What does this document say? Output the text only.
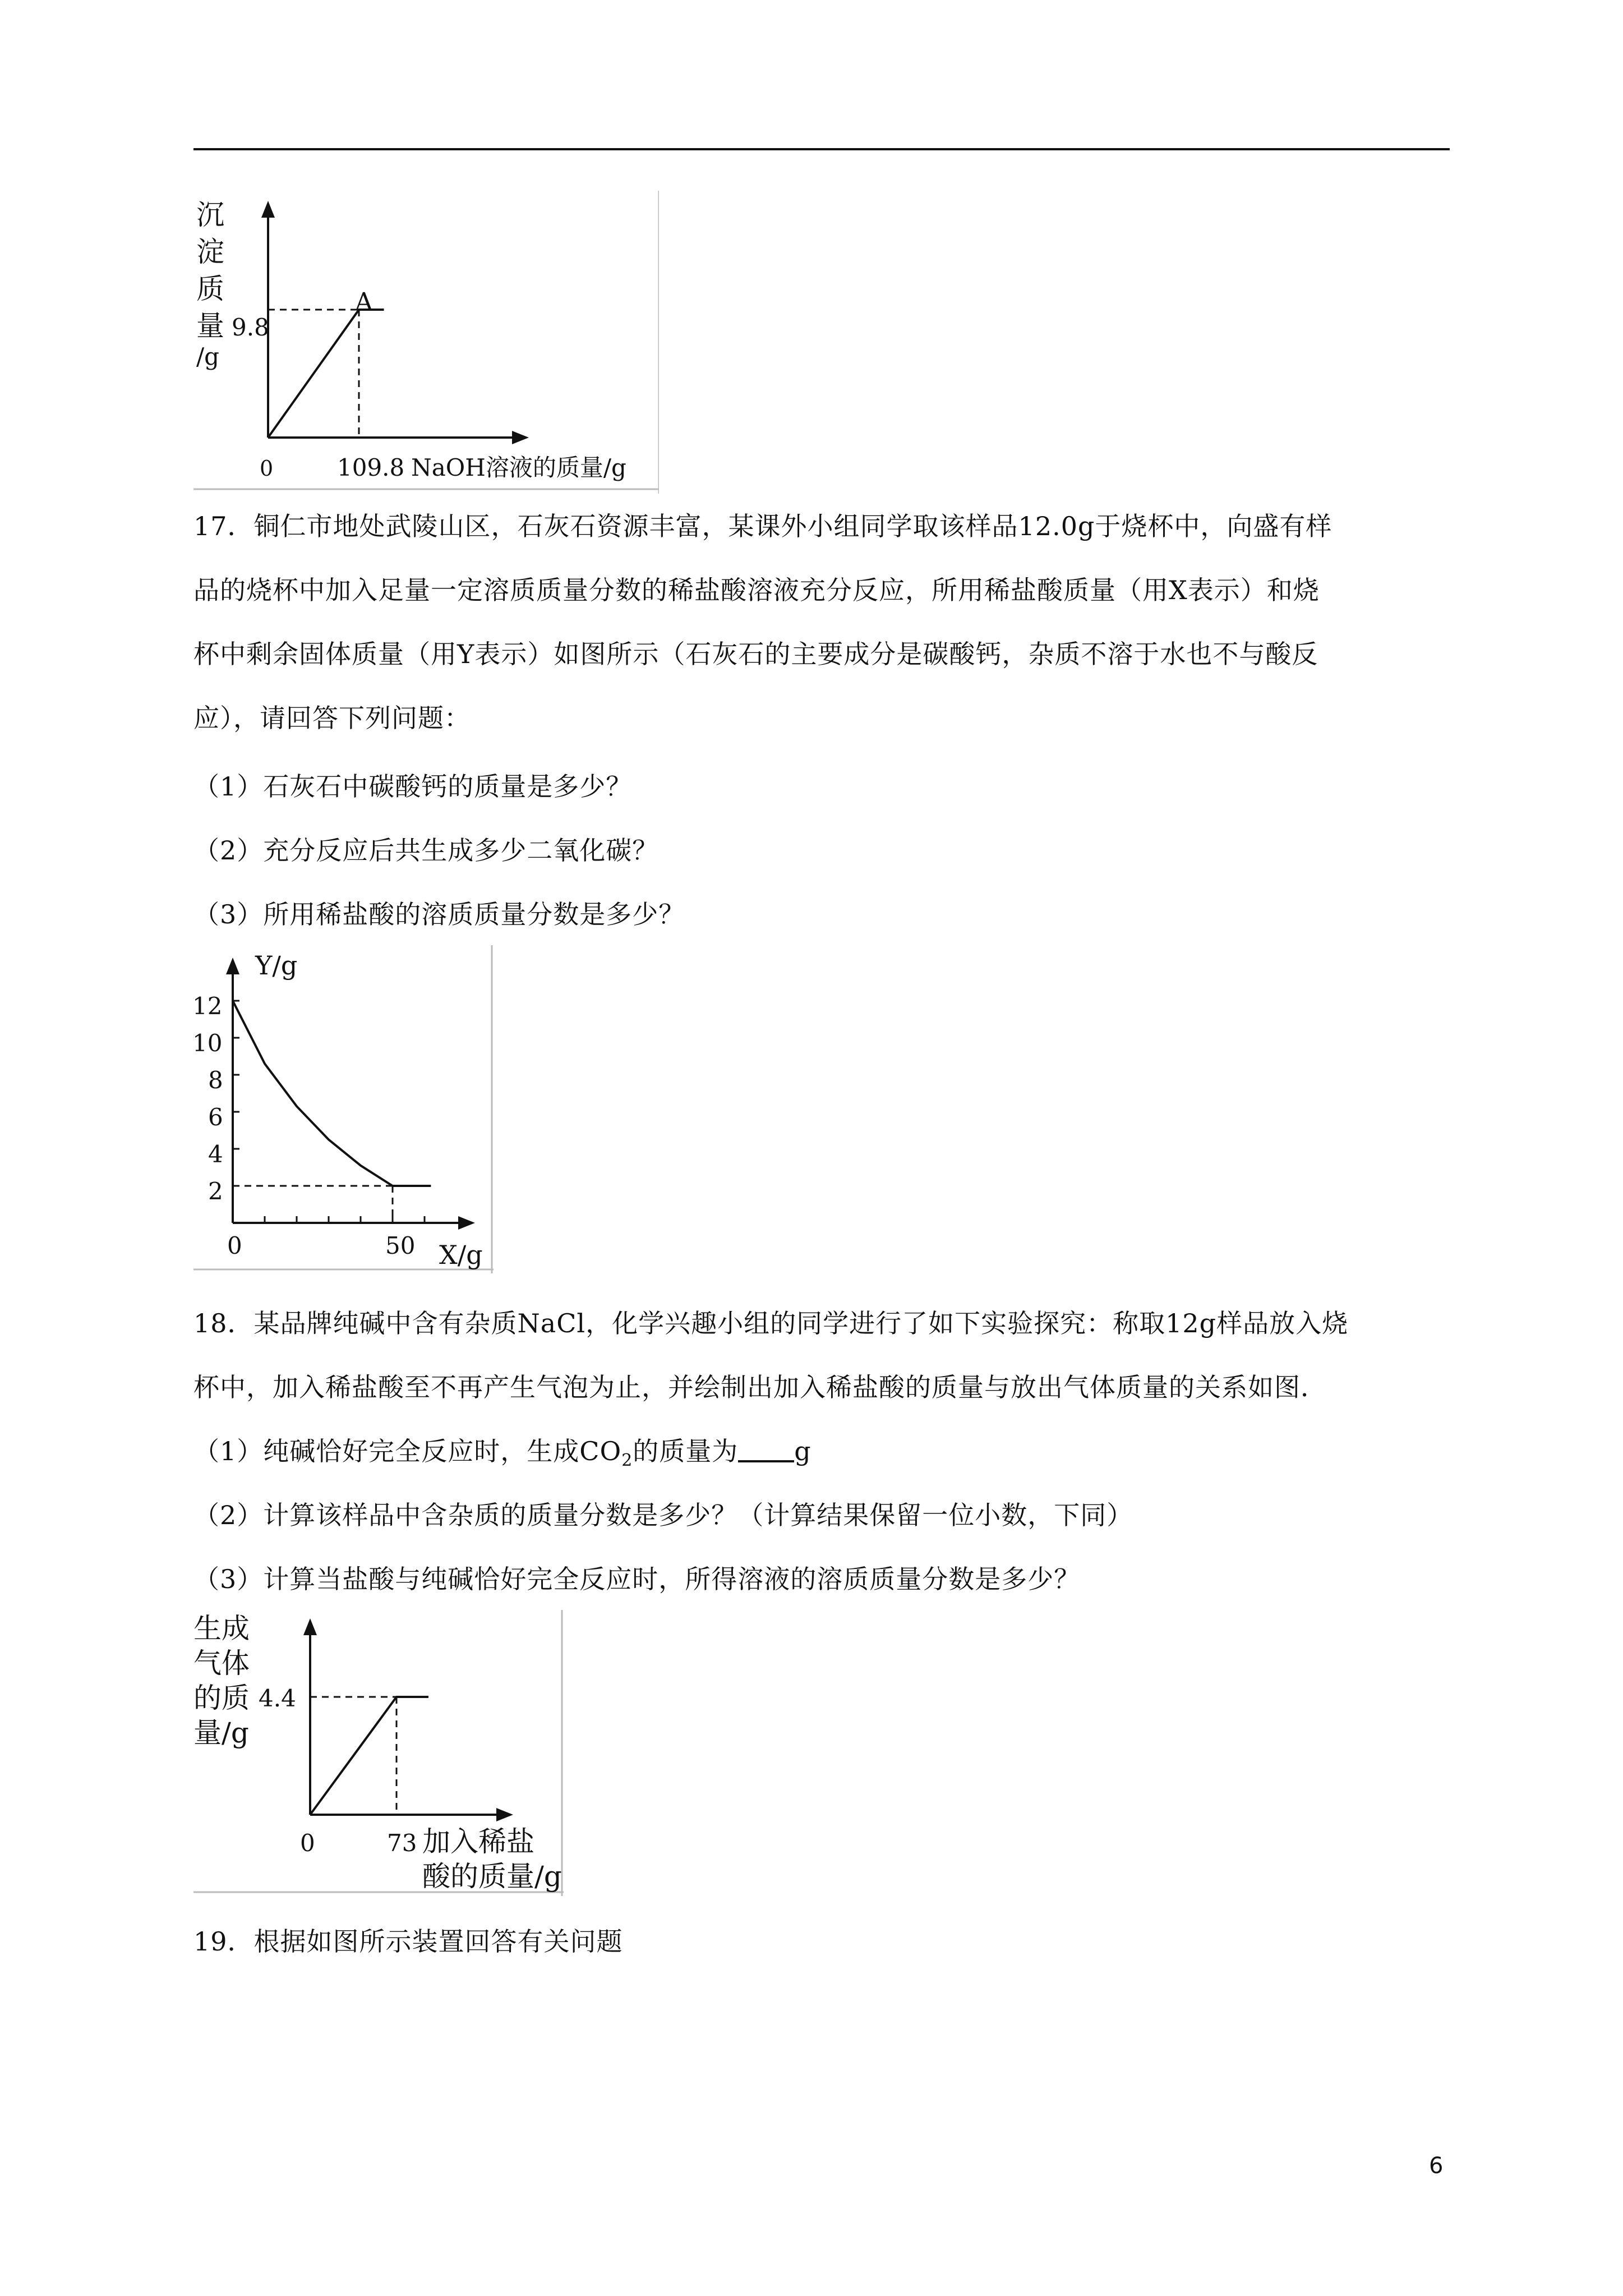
沉
淀
质
量
/g
9.8
A
0	109.8 NaOH溶液的质量/g
17．铜仁市地处武陵山区，石灰石资源丰富，某课外小组同学取该样品12.0g于烧杯中，向盛有样
品的烧杯中加入足量一定溶质质量分数的稀盐酸溶液充分反应，所用稀盐酸质量（用X表示）和烧
杯中剩余固体质量（用Y表示）如图所示（石灰石的主要成分是碳酸钙，杂质不溶于水也不与酸反
应），请回答下列问题：
（1）石灰石中碳酸钙的质量是多少？
（2）充分反应后共生成多少二氧化碳？
（3）所用稀盐酸的溶质质量分数是多少？
Y/g
12
10
8
6
4
2
0	50 X/g
18．某品牌纯碱中含有杂质NaCl，化学兴趣小组的同学进行了如下实验探究：称取12g样品放入烧
杯中，加入稀盐酸至不再产生气泡为止，并绘制出加入稀盐酸的质量与放出气体质量的关系如图．
（1）纯碱恰好完全反应时，生成$CO_2$的质量为 g
（2）计算该样品中含杂质的质量分数是多少？（计算结果保留一位小数，下同）
（3）计算当盐酸与纯碱恰好完全反应时，所得溶液的溶质质量分数是多少？
生成
气体
的质
量/g
4.4
0	73 加入稀盐
酸的质量/g
19．根据如图所示装置回答有关问题
6
